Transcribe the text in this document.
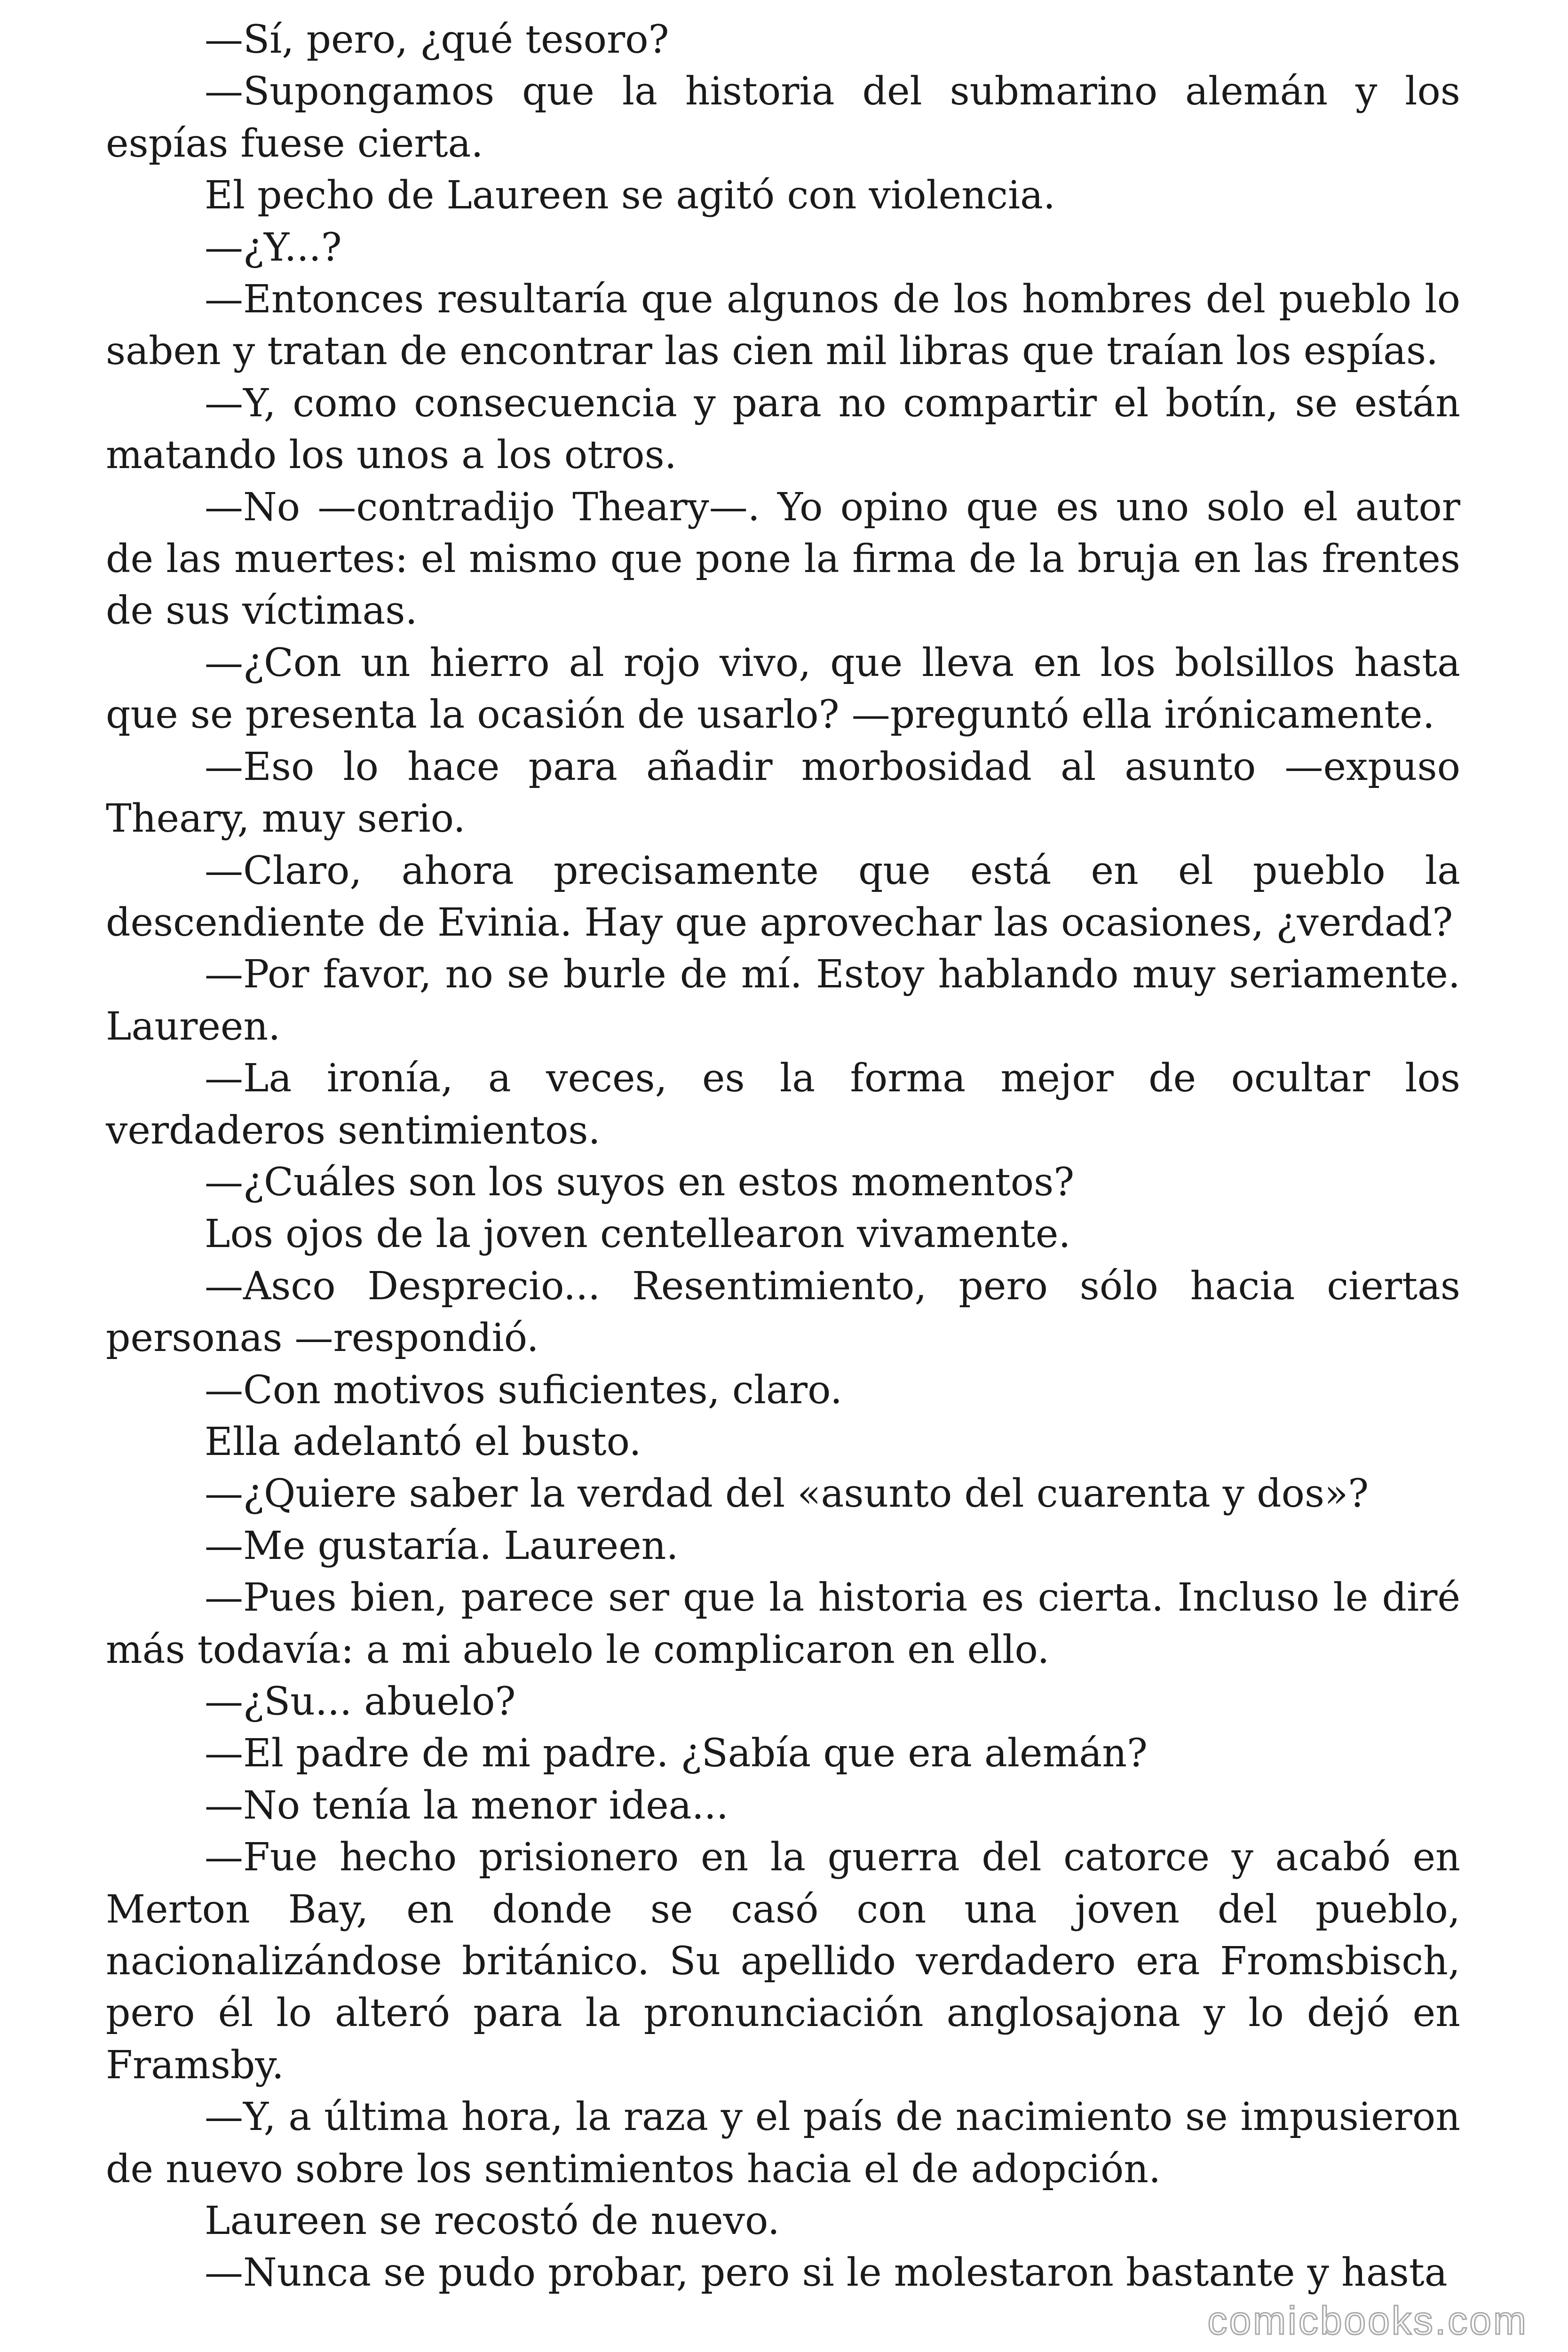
—Sí, pero, ¿qué tesoro?

—Supongamos que la historia del submarino alemán y los espías fuese cierta.

El pecho de Laureen se agitó con violencia.

—¿Y...?

—Entonces resultaría que algunos de los hombres del pueblo lo saben y tratan de encontrar las cien mil libras que traían los espías.

—Y, como consecuencia y para no compartir el botín, se están matando los unos a los otros.

—No —contradijo Theary—. Yo opino que es uno solo el autor de las muertes: el mismo que pone la firma de la bruja en las frentes de sus víctimas.

—¿Con un hierro al rojo vivo, que lleva en los bolsillos hasta que se presenta la ocasión de usarlo? —preguntó ella irónicamente.

—Eso lo hace para añadir morbosidad al asunto —expuso Theary, muy serio.

—Claro, ahora precisamente que está en el pueblo la descendiente de Evinia. Hay que aprovechar las ocasiones, ¿verdad?

—Por favor, no se burle de mí. Estoy hablando muy seriamente. Laureen.

—La ironía, a veces, es la forma mejor de ocultar los verdaderos sentimientos.

—¿Cuáles son los suyos en estos momentos?

Los ojos de la joven centellearon vivamente.

—Asco Desprecio... Resentimiento, pero sólo hacia ciertas personas —respondió.

—Con motivos suficientes, claro.

Ella adelantó el busto.

—¿Quiere saber la verdad del «asunto del cuarenta y dos»?

—Me gustaría. Laureen.

—Pues bien, parece ser que la historia es cierta. Incluso le diré más todavía: a mi abuelo le complicaron en ello.

—¿Su... abuelo?

—El padre de mi padre. ¿Sabía que era alemán?

—No tenía la menor idea...

—Fue hecho prisionero en la guerra del catorce y acabó en Merton Bay, en donde se casó con una joven del pueblo, nacionalizándose británico. Su apellido verdadero era Fromsbisch, pero él lo alteró para la pronunciación anglosajona y lo dejó en Framsby.

—Y, a última hora, la raza y el país de nacimiento se impusieron de nuevo sobre los sentimientos hacia el de adopción.

Laureen se recostó de nuevo.

—Nunca se pudo probar, pero si le molestaron bastante y hasta

comicbooks.com
